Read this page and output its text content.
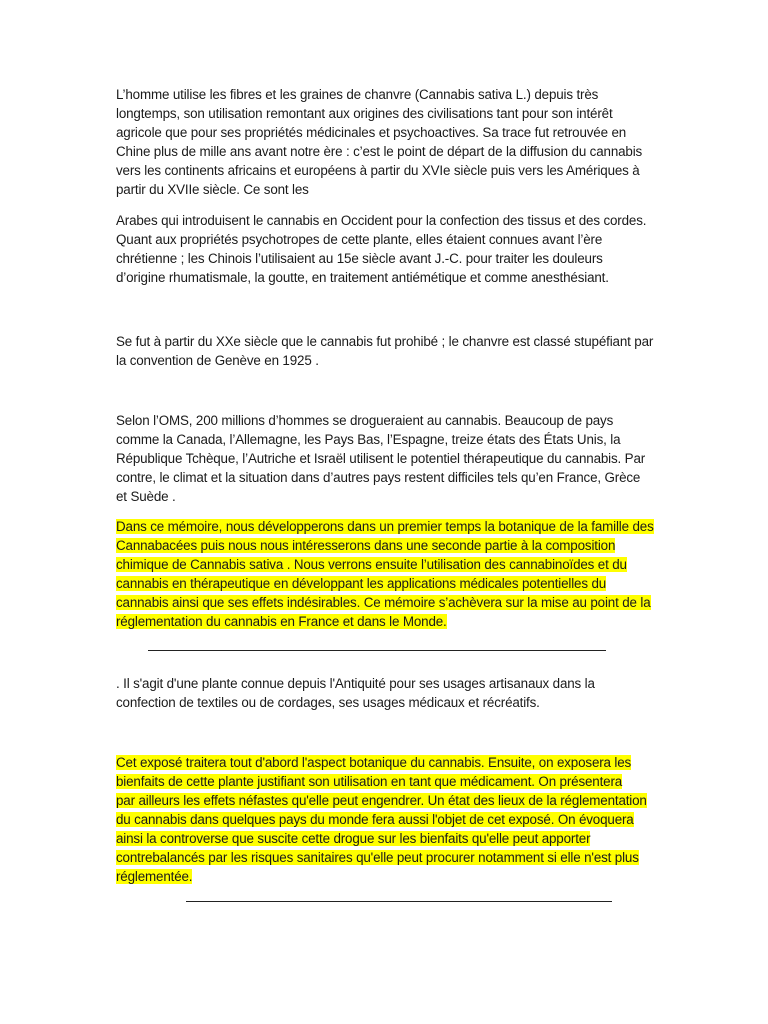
L’homme utilise les fibres et les graines de chanvre (Cannabis sativa L.) depuis très
longtemps, son utilisation remontant aux origines des civilisations tant pour son intérêt
agricole que pour ses propriétés médicinales et psychoactives. Sa trace fut retrouvée en
Chine plus de mille ans avant notre ère : c’est le point de départ de la diffusion du cannabis
vers les continents africains et européens à partir du XVIe siècle puis vers les Amériques à
partir du XVIIe siècle. Ce sont les
Arabes qui introduisent le cannabis en Occident pour la confection des tissus et des cordes.
Quant aux propriétés psychotropes de cette plante, elles étaient connues avant l’ère
chrétienne ; les Chinois l’utilisaient au 15e siècle avant J.-C. pour traiter les douleurs
d’origine rhumatismale, la goutte, en traitement antiémétique et comme anesthésiant.
Se fut à partir du XXe siècle que le cannabis fut prohibé ; le chanvre est classé stupéfiant par
la convention de Genève en 1925 .
Selon l’OMS, 200 millions d’hommes se drogueraient au cannabis. Beaucoup de pays
comme la Canada, l’Allemagne, les Pays Bas, l’Espagne, treize états des États Unis, la
République Tchèque, l’Autriche et Israël utilisent le potentiel thérapeutique du cannabis. Par
contre, le climat et la situation dans d’autres pays restent difficiles tels qu’en France, Grèce
et Suède .
Dans ce mémoire, nous développerons dans un premier temps la botanique de la famille des
Cannabacées puis nous nous intéresserons dans une seconde partie à la composition
chimique de Cannabis sativa . Nous verrons ensuite l’utilisation des cannabinoïdes et du
cannabis en thérapeutique en développant les applications médicales potentielles du
cannabis ainsi que ses effets indésirables. Ce mémoire s’achèvera sur la mise au point de la
réglementation du cannabis en France et dans le Monde.
. Il s'agit d'une plante connue depuis l'Antiquité pour ses usages artisanaux dans la
confection de textiles ou de cordages, ses usages médicaux et récréatifs.
Cet exposé traitera tout d'abord l'aspect botanique du cannabis. Ensuite, on exposera les
bienfaits de cette plante justifiant son utilisation en tant que médicament. On présentera
par ailleurs les effets néfastes qu'elle peut engendrer. Un état des lieux de la réglementation
du cannabis dans quelques pays du monde fera aussi l'objet de cet exposé. On évoquera
ainsi la controverse que suscite cette drogue sur les bienfaits qu'elle peut apporter
contrebalancés par les risques sanitaires qu'elle peut procurer notamment si elle n'est plus
réglementée.
